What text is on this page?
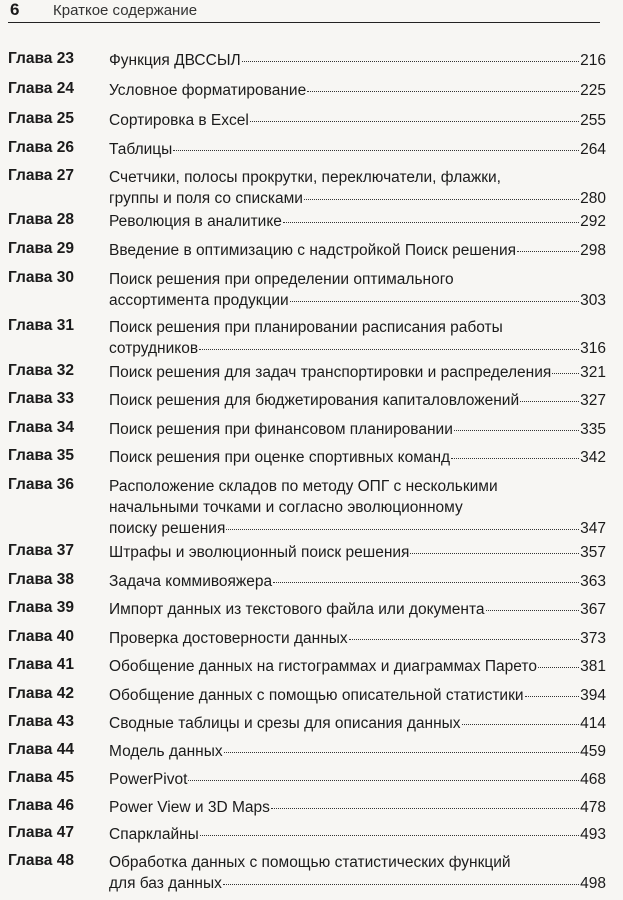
6 Краткое содержание
Глава 23 Функция ДВССЫЛ	216
Глава 24 Условное форматирование	225
Глава 25 Сортировка в Excel	255
Глава 26 Таблицы	264
Глава 27 Счетчики, полосы прокрутки, переключатели, флажки,
группы и поля со списками	280
Глава 28 Революция в аналитике	292
Глава 29 Введение в оптимизацию с надстройкой Поиск решения	298
Глава 30 Поиск решения при определении оптимального
ассортимента продукции	303
Глава 31 Поиск решения при планировании расписания работы
сотрудников	316
Глава 32 Поиск решения для задач транспортировки и распределения 321
Глава 33 Поиск решения для бюджетирования капиталовложений	327
Глава 34 Поиск решения при финансовом планировании	335
Глава 35 Поиск решения при оценке спортивных команд	342
Глава 36 Расположение складов по методу ОПГ с несколькими
начальными точками и согласно эволюционному
поиску решения	347
Глава 37 Штрафы и эволюционный поиск решения	357
Глава 38 Задача коммивояжера	363
Глава 39 Импорт данных из текстового файла или документа	367
Глава 40 Проверка достоверности данных	373
Глава 41 Обобщение данных на гистограммах и диаграммах Парето	381
Глава 42 Обобщение данных с помощью описательной статистики	394
Глава 43 Сводные таблицы и срезы для описания данных	414
Глава 44 Модель данных	459
Глава 45 PowerPivot	468
Глава 46 Power View и 3D Maps	478
Глава 47 Спарклайны	493
Глава 48 Обработка данных с помощью статистических функций
для баз данных	498
